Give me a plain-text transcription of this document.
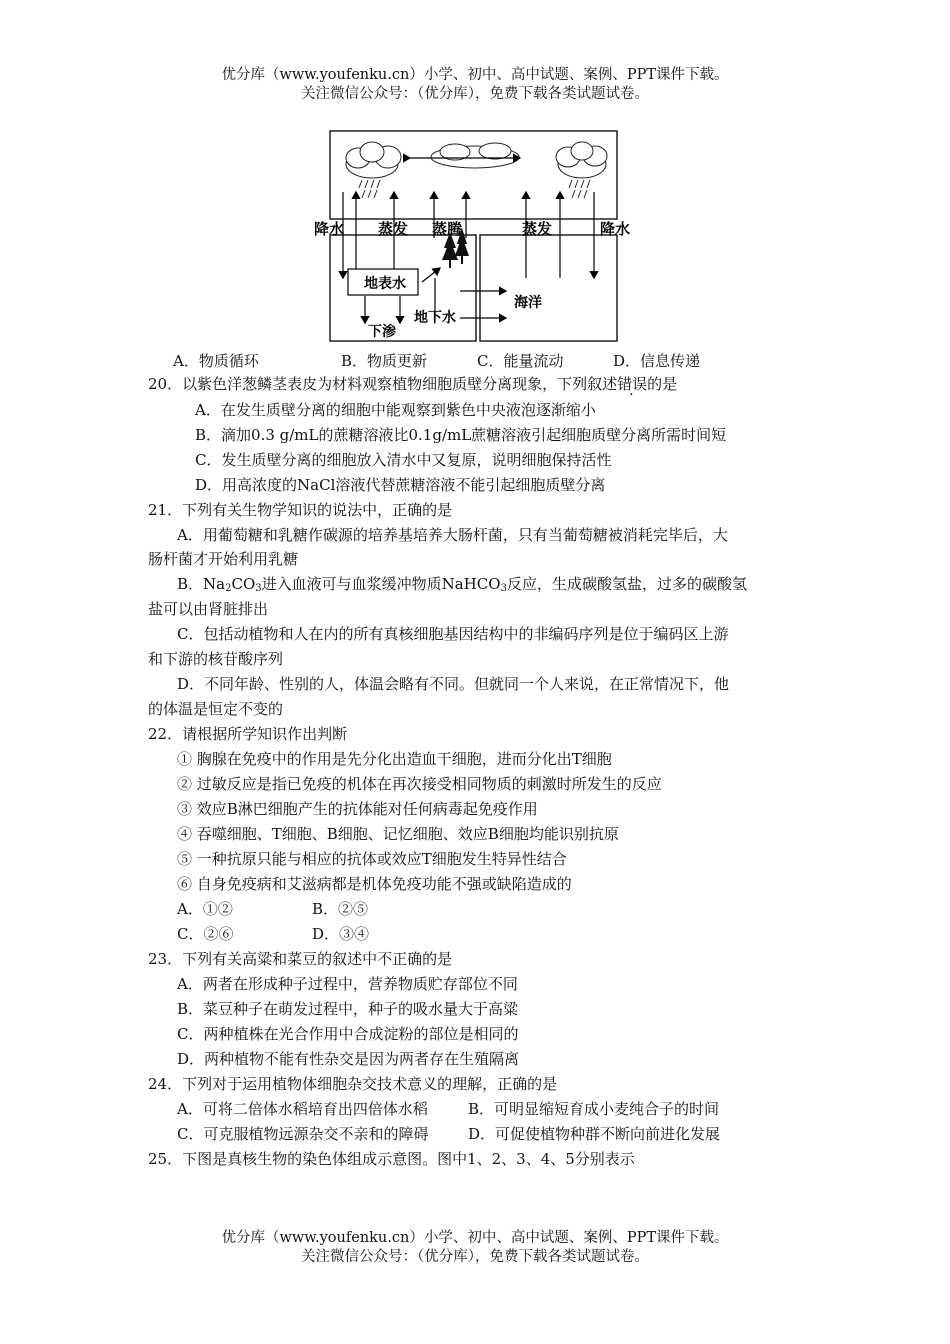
优分库（www.youfenku.cn）小学、初中、高中试题、案例、PPT课件下载。
关注微信公众号：（优分库），免费下载各类试题试卷。
降水 蒸发 蒸腾	蒸发	降水
地表水
地下水
海洋
下渗
A．物质循环	B．物质更新	C．能量流动	D．信息传递
20．以紫色洋葱鳞茎表皮为材料观察植物细胞质壁分离现象，下列叙述错误的是
A．在发生质壁分离的细胞中能观察到紫色中央液泡逐渐缩小
B．滴加0.3 g/mL的蔗糖溶液比0.1g/mL蔗糖溶液引起细胞质壁分离所需时间短
C．发生质壁分离的细胞放入清水中又复原，说明细胞保持活性
D．用高浓度的NaCl溶液代替蔗糖溶液不能引起细胞质壁分离
21．下列有关生物学知识的说法中，正确的是
A．用葡萄糖和乳糖作碳源的培养基培养大肠杆菌，只有当葡萄糖被消耗完毕后，大
肠杆菌才开始利用乳糖
B．$Na_2CO_3$进入血液可与血浆缓冲物质NaHCO$_3$反应，生成碳酸氢盐，过多的碳酸氢
盐可以由肾脏排出
C．包括动植物和人在内的所有真核细胞基因结构中的非编码序列是位于编码区上游
和下游的核苷酸序列
D．不同年龄、性别的人，体温会略有不同。但就同一个人来说，在正常情况下，他
的体温是恒定不变的
22．请根据所学知识作出判断
① 胸腺在免疫中的作用是先分化出造血干细胞，进而分化出T细胞
② 过敏反应是指已免疫的机体在再次接受相同物质的刺激时所发生的反应
③ 效应B淋巴细胞产生的抗体能对任何病毒起免疫作用
④ 吞噬细胞、T细胞、B细胞、记忆细胞、效应B细胞均能识别抗原
⑤ 一种抗原只能与相应的抗体或效应T细胞发生特异性结合
⑥ 自身免疫病和艾滋病都是机体免疫功能不强或缺陷造成的
A．①②	B．②⑤
C．②⑥	D．③④
23．下列有关高粱和菜豆的叙述中不正确的是
A．两者在形成种子过程中，营养物质贮存部位不同
B．菜豆种子在萌发过程中，种子的吸水量大于高粱
C．两种植株在光合作用中合成淀粉的部位是相同的
D．两种植物不能有性杂交是因为两者存在生殖隔离
24．下列对于运用植物体细胞杂交技术意义的理解，正确的是
A．可将二倍体水稻培育出四倍体水稻	B．可明显缩短育成小麦纯合子的时间
C．可克服植物远源杂交不亲和的障碍	D．可促使植物种群不断向前进化发展
25．下图是真核生物的染色体组成示意图。图中1、2、3、4、5分别表示
优分库（www.youfenku.cn）小学、初中、高中试题、案例、PPT课件下载。
关注微信公众号：（优分库），免费下载各类试题试卷。
